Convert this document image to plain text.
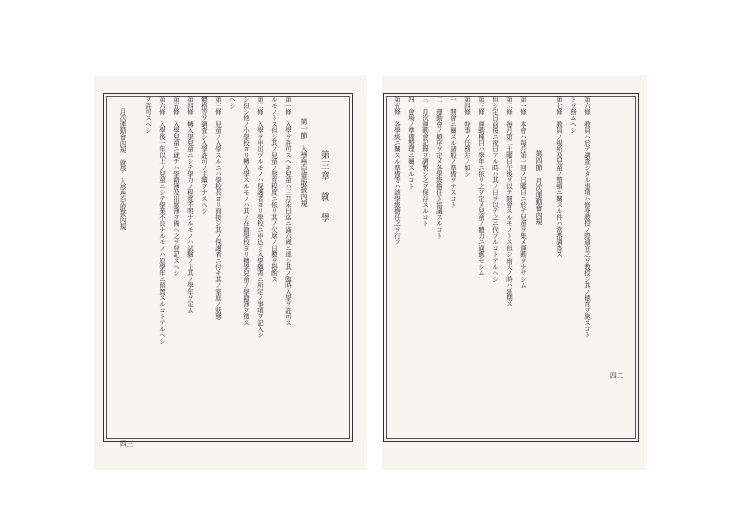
月次運動會內規　就學　入學學兒取扱內規
四三
ヲ許可スヘシ 第六條　入學後一年以上ノ兒童ニシテ學業不良ナルモノハ原學年ニ留置スルコトアルヘシ 第五條　入學兒童ニ就テハ學籍簿及出席簿ヲ備ヘ之ヲ登記スヘシ 第四條　轉入學兒童ニシテ學力ノ程度不明ナルモノハ試驗ノ上其ノ學年ヲ定ム 體格等ヲ調査シ入學許可ノ手續ヲナスヘシ 第三條　兒童ノ入學スルニハ學校長ヨリ面接シ其ノ保護者ニ付キ其ノ家庭ノ狀態 ヘシ シ但シ他ノ小學校ヨリ轉入學スルモノハ其ノ在籍學校ヨリ轉學兒童ノ學籍簿ヲ徵ス 第二條　入學ヲ申出ヅルモノハ保護者ヨリ學校ニ申込ミ入學願書ニ所定ノ事項ヲ記入シ ルモノトス但シ其ノ兒童ノ發育程度ニ依リ其ノ欠席ノ日數ヲ斟酌ス 第一條　入學ヲ許可スヘキ兒童ハ三月末日迄ニ滿六歲ニ達シ其ノ臨時入學ヲ許可ス 第一節　入學學兒童取扱內規 第三章　就　學
四二
第五條　各學級ニ關スル準備等ハ該學級擔任之ヲ行フ 四　會場ノ準備整理ニ關スルコト 三　月次運動會記錄ヲ調製シ之ヲ保存スルコト 二　運動會ノ順序ヲ定メ各學級擔任ト協議スルコト 一　開會ニ關スル諸般ノ準備ヲナスコト 第四條　幹事ノ任務左ノ如シ 第三條　運動種目ハ學年ニ依リ之ヲ定メ兒童ノ體力ニ適應セシム 但シ定日前後ニ祝日アル時ハ其ノ日ヲ以テ之ニ代フルコトアルヘシ 第二條　毎月第二土曜日午後ヲ以テ開會スルモノトス但シ雨天ノ時ハ延期ス 第一條　本會ハ毎月第一回ノ日曜日ニ於テ兒童ヲ集メ運動ヲナサシム 第四節　月次運動會內規	第七條　教員ノ場所及兒童ノ整頓ニ關スル件ハ當番調查ス トヲ務ムヘシ 第六條　教員ハ於テ調査シタル事項ハ修身教授ノ際適宜之ヲ教授シ其ノ徳育ヲ施スコト
